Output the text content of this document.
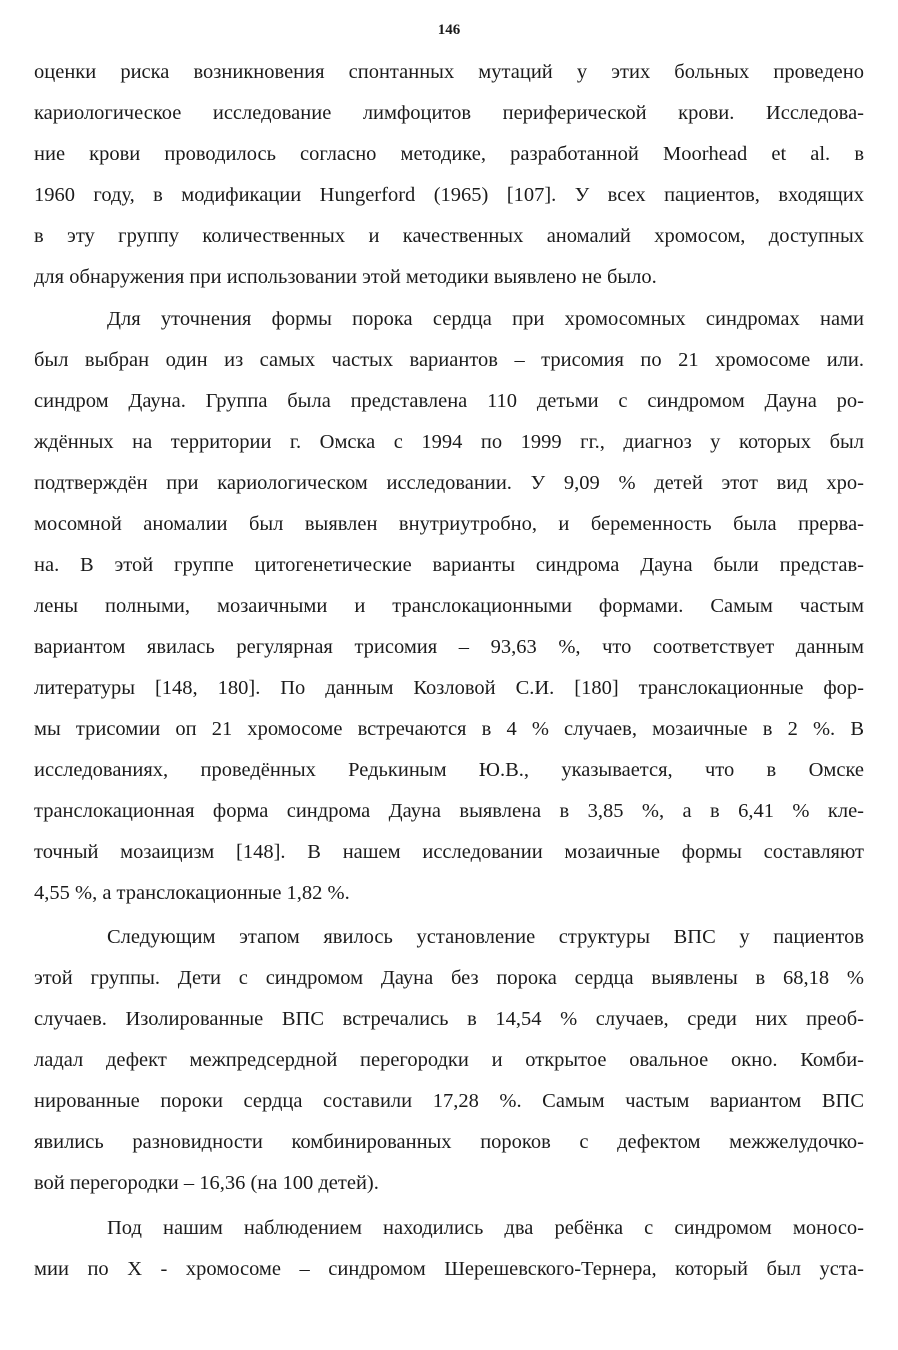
146
оценки риска возникновения спонтанных мутаций у этих больных проведено
кариологическое исследование лимфоцитов периферической крови. Исследова-
ние крови проводилось согласно методике, разработанной Moorhead et al. в
1960 году, в модификации Hungerford (1965) [107]. У всех пациентов, входящих
в эту группу количественных и качественных аномалий хромосом, доступных
для обнаружения при использовании этой методики выявлено не было.
Для уточнения формы порока сердца при хромосомных синдромах нами
был выбран один из самых частых вариантов – трисомия по 21 хромосоме или.
синдром Дауна. Группа была представлена 110 детьми с синдромом Дауна ро-
ждённых на территории г. Омска с 1994 по 1999 гг., диагноз у которых был
подтверждён при кариологическом исследовании. У 9,09 % детей этот вид хро-
мосомной аномалии был выявлен внутриутробно, и беременность была прерва-
на. В этой группе цитогенетические варианты синдрома Дауна были представ-
лены полными, мозаичными и транслокационными формами. Самым частым
вариантом явилась регулярная трисомия – 93,63 %, что соответствует данным
литературы [148, 180]. По данным Козловой С.И. [180] транслокационные фор-
мы трисомии оп 21 хромосоме встречаются в 4 % случаев, мозаичные в 2 %. В
исследованиях, проведённых Редькиным Ю.В., указывается, что в Омске
транслокационная форма синдрома Дауна выявлена в 3,85 %, а в 6,41 % кле-
точный мозаицизм [148]. В нашем исследовании мозаичные формы составляют
4,55 %, а транслокационные 1,82 %.
Следующим этапом явилось установление структуры ВПС у пациентов
этой группы. Дети с синдромом Дауна без порока сердца выявлены в 68,18 %
случаев. Изолированные ВПС встречались в 14,54 % случаев, среди них преоб-
ладал дефект межпредсердной перегородки и открытое овальное окно. Комби-
нированные пороки сердца составили 17,28 %. Самым частым вариантом ВПС
явились разновидности комбинированных пороков с дефектом межжелудочко-
вой перегородки – 16,36 (на 100 детей).
Под нашим наблюдением находились два ребёнка с синдромом моносо-
мии по Х - хромосоме – синдромом Шерешевского-Тернера, который был уста-
